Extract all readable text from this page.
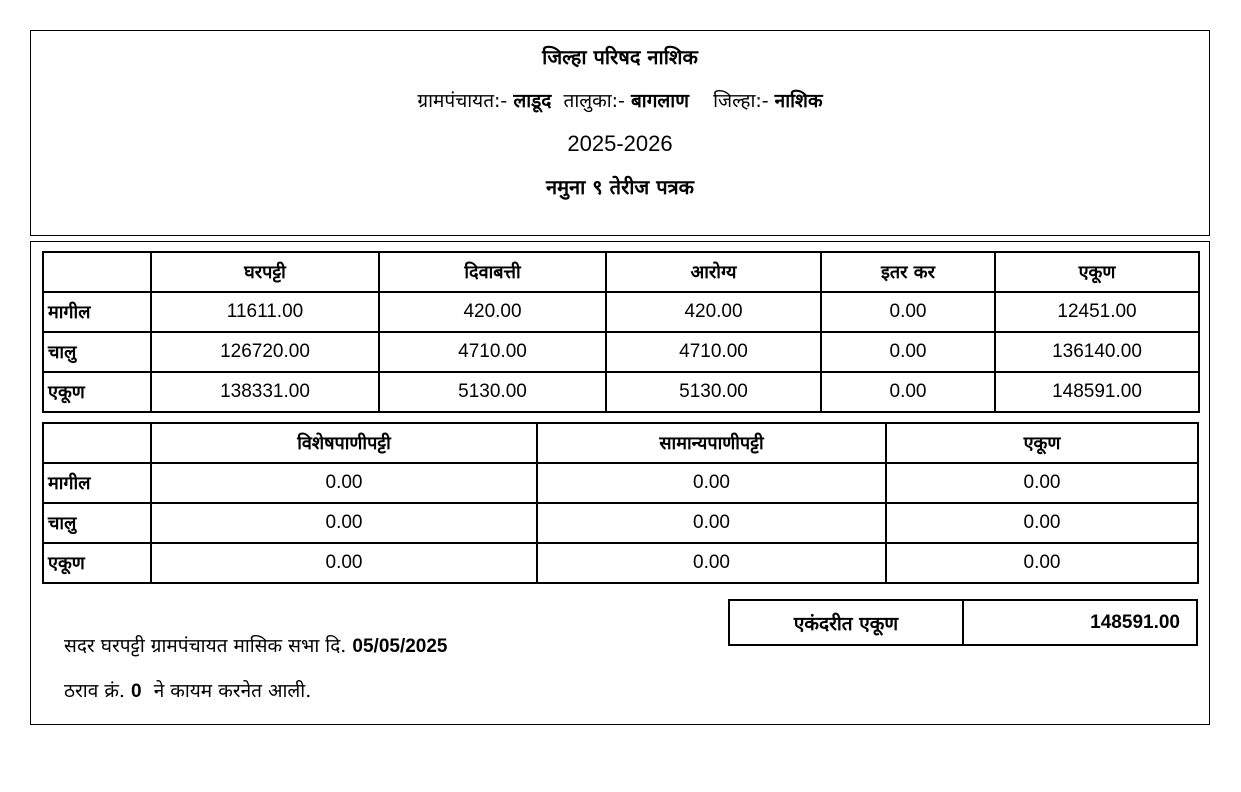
जिल्हा परिषद नाशिक
ग्रामपंचायत:- लाडूद तालुका:- बागलाण जिल्हा:- नाशिक
2025-2026
नमुना ९ तेरीज पत्रक
	घरपट्टी	दिवाबत्ती	आरोग्य	इतर कर	एकूण
मागील	11611.00	420.00	420.00	0.00	12451.00
चालु	126720.00	4710.00	4710.00	0.00	136140.00
एकूण	138331.00	5130.00	5130.00	0.00	148591.00
	विशेषपाणीपट्टी	सामान्यपाणीपट्टी	एकूण
मागील	0.00	0.00	0.00
चालु	0.00	0.00	0.00
एकूण	0.00	0.00	0.00
एकंदरीत एकूण	148591.00
सदर घरपट्टी ग्रामपंचायत मासिक सभा दि. 05/05/2025
ठराव क्रं. 0 ने कायम करनेत आली.
